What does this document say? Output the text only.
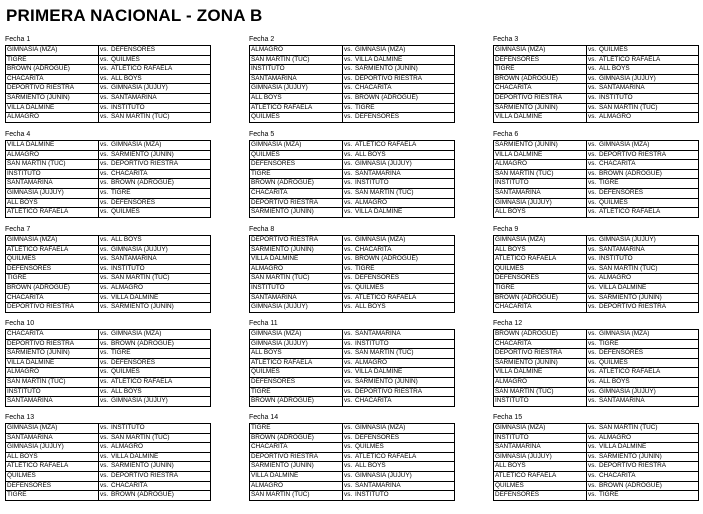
PRIMERA NACIONAL - ZONA B
Fecha 1
GIMNASIA (MZA)	vs.	DEFENSORES
TIGRE	vs.	QUILMES
BROWN (ADROGUÉ)	vs.	ATLÉTICO RAFAELA
CHACARITA	vs.	ALL BOYS
DEPORTIVO RIESTRA	vs.	GIMNASIA (JUJUY)
SARMIENTO (JUNÍN)	vs.	SANTAMARINA
VILLA DÁLMINE	vs.	INSTITUTO
ALMAGRO	vs.	SAN MARTÍN (TUC)
Fecha 2
ALMAGRO	vs.	GIMNASIA (MZA)
SAN MARTÍN (TUC)	vs.	VILLA DÁLMINE
INSTITUTO	vs.	SARMIENTO (JUNÍN)
SANTAMARINA	vs.	DEPORTIVO RIESTRA
GIMNASIA (JUJUY)	vs.	CHACARITA
ALL BOYS	vs.	BROWN (ADROGUÉ)
ATLÉTICO RAFAELA	vs.	TIGRE
QUILMES	vs.	DEFENSORES
Fecha 3
GIMNASIA (MZA)	vs.	QUILMES
DEFENSORES	vs.	ATLÉTICO RAFAELA
TIGRE	vs.	ALL BOYS
BROWN (ADROGUÉ)	vs.	GIMNASIA (JUJUY)
CHACARITA	vs.	SANTAMARINA
DEPORTIVO RIESTRA	vs.	INSTITUTO
SARMIENTO (JUNÍN)	vs.	SAN MARTÍN (TUC)
VILLA DÁLMINE	vs.	ALMAGRO
Fecha 4
VILLA DÁLMINE	vs.	GIMNASIA (MZA)
ALMAGRO	vs.	SARMIENTO (JUNÍN)
SAN MARTÍN (TUC)	vs.	DEPORTIVO RIESTRA
INSTITUTO	vs.	CHACARITA
SANTAMARINA	vs.	BROWN (ADROGUÉ)
GIMNASIA (JUJUY)	vs.	TIGRE
ALL BOYS	vs.	DEFENSORES
ATLÉTICO RAFAELA	vs.	QUILMES
Fecha 5
GIMNASIA (MZA)	vs.	ATLÉTICO RAFAELA
QUILMES	vs.	ALL BOYS
DEFENSORES	vs.	GIMNASIA (JUJUY)
TIGRE	vs.	SANTAMARINA
BROWN (ADROGUÉ)	vs.	INSTITUTO
CHACARITA	vs.	SAN MARTÍN (TUC)
DEPORTIVO RIESTRA	vs.	ALMAGRO
SARMIENTO (JUNÍN)	vs.	VILLA DÁLMINE
Fecha 6
SARMIENTO (JUNÍN)	vs.	GIMNASIA (MZA)
VILLA DÁLMINE	vs.	DEPORTIVO RIESTRA
ALMAGRO	vs.	CHACARITA
SAN MARTÍN (TUC)	vs.	BROWN (ADROGUÉ)
INSTITUTO	vs.	TIGRE
SANTAMARINA	vs.	DEFENSORES
GIMNASIA (JUJUY)	vs.	QUILMES
ALL BOYS	vs.	ATLÉTICO RAFAELA
Fecha 7
GIMNASIA (MZA)	vs.	ALL BOYS
ATLÉTICO RAFAELA	vs.	GIMNASIA (JUJUY)
QUILMES	vs.	SANTAMARINA
DEFENSORES	vs.	INSTITUTO
TIGRE	vs.	SAN MARTÍN (TUC)
BROWN (ADROGUÉ)	vs.	ALMAGRO
CHACARITA	vs.	VILLA DÁLMINE
DEPORTIVO RIESTRA	vs.	SARMIENTO (JUNÍN)
Fecha 8
DEPORTIVO RIESTRA	vs.	GIMNASIA (MZA)
SARMIENTO (JUNÍN)	vs.	CHACARITA
VILLA DÁLMINE	vs.	BROWN (ADROGUÉ)
ALMAGRO	vs.	TIGRE
SAN MARTÍN (TUC)	vs.	DEFENSORES
INSTITUTO	vs.	QUILMES
SANTAMARINA	vs.	ATLÉTICO RAFAELA
GIMNASIA (JUJUY)	vs.	ALL BOYS
Fecha 9
GIMNASIA (MZA)	vs.	GIMNASIA (JUJUY)
ALL BOYS	vs.	SANTAMARINA
ATLÉTICO RAFAELA	vs.	INSTITUTO
QUILMES	vs.	SAN MARTÍN (TUC)
DEFENSORES	vs.	ALMAGRO
TIGRE	vs.	VILLA DÁLMINE
BROWN (ADROGUÉ)	vs.	SARMIENTO (JUNÍN)
CHACARITA	vs.	DEPORTIVO RIESTRA
Fecha 10
CHACARITA	vs.	GIMNASIA (MZA)
DEPORTIVO RIESTRA	vs.	BROWN (ADROGUÉ)
SARMIENTO (JUNÍN)	vs.	TIGRE
VILLA DÁLMINE	vs.	DEFENSORES
ALMAGRO	vs.	QUILMES
SAN MARTÍN (TUC)	vs.	ATLÉTICO RAFAELA
INSTITUTO	vs.	ALL BOYS
SANTAMARINA	vs.	GIMNASIA (JUJUY)
Fecha 11
GIMNASIA (MZA)	vs.	SANTAMARINA
GIMNASIA (JUJUY)	vs.	INSTITUTO
ALL BOYS	vs.	SAN MARTÍN (TUC)
ATLÉTICO RAFAELA	vs.	ALMAGRO
QUILMES	vs.	VILLA DÁLMINE
DEFENSORES	vs.	SARMIENTO (JUNÍN)
TIGRE	vs.	DEPORTIVO RIESTRA
BROWN (ADROGUÉ)	vs.	CHACARITA
Fecha 12
BROWN (ADROGUÉ)	vs.	GIMNASIA (MZA)
CHACARITA	vs.	TIGRE
DEPORTIVO RIESTRA	vs.	DEFENSORES
SARMIENTO (JUNÍN)	vs.	QUILMES
VILLA DÁLMINE	vs.	ATLÉTICO RAFAELA
ALMAGRO	vs.	ALL BOYS
SAN MARTÍN (TUC)	vs.	GIMNASIA (JUJUY)
INSTITUTO	vs.	SANTAMARINA
Fecha 13
GIMNASIA (MZA)	vs.	INSTITUTO
SANTAMARINA	vs.	SAN MARTÍN (TUC)
GIMNASIA (JUJUY)	vs.	ALMAGRO
ALL BOYS	vs.	VILLA DÁLMINE
ATLÉTICO RAFAELA	vs.	SARMIENTO (JUNÍN)
QUILMES	vs.	DEPORTIVO RIESTRA
DEFENSORES	vs.	CHACARITA
TIGRE	vs.	BROWN (ADROGUÉ)
Fecha 14
TIGRE	vs.	GIMNASIA (MZA)
BROWN (ADROGUÉ)	vs.	DEFENSORES
CHACARITA	vs.	QUILMES
DEPORTIVO RIESTRA	vs.	ATLÉTICO RAFAELA
SARMIENTO (JUNÍN)	vs.	ALL BOYS
VILLA DÁLMINE	vs.	GIMNASIA (JUJUY)
ALMAGRO	vs.	SANTAMARINA
SAN MARTÍN (TUC)	vs.	INSTITUTO
Fecha 15
GIMNASIA (MZA)	vs.	SAN MARTÍN (TUC)
INSTITUTO	vs.	ALMAGRO
SANTAMARINA	vs.	VILLA DÁLMINE
GIMNASIA (JUJUY)	vs.	SARMIENTO (JUNÍN)
ALL BOYS	vs.	DEPORTIVO RIESTRA
ATLÉTICO RAFAELA	vs.	CHACARITA
QUILMES	vs.	BROWN (ADROGUÉ)
DEFENSORES	vs.	TIGRE
